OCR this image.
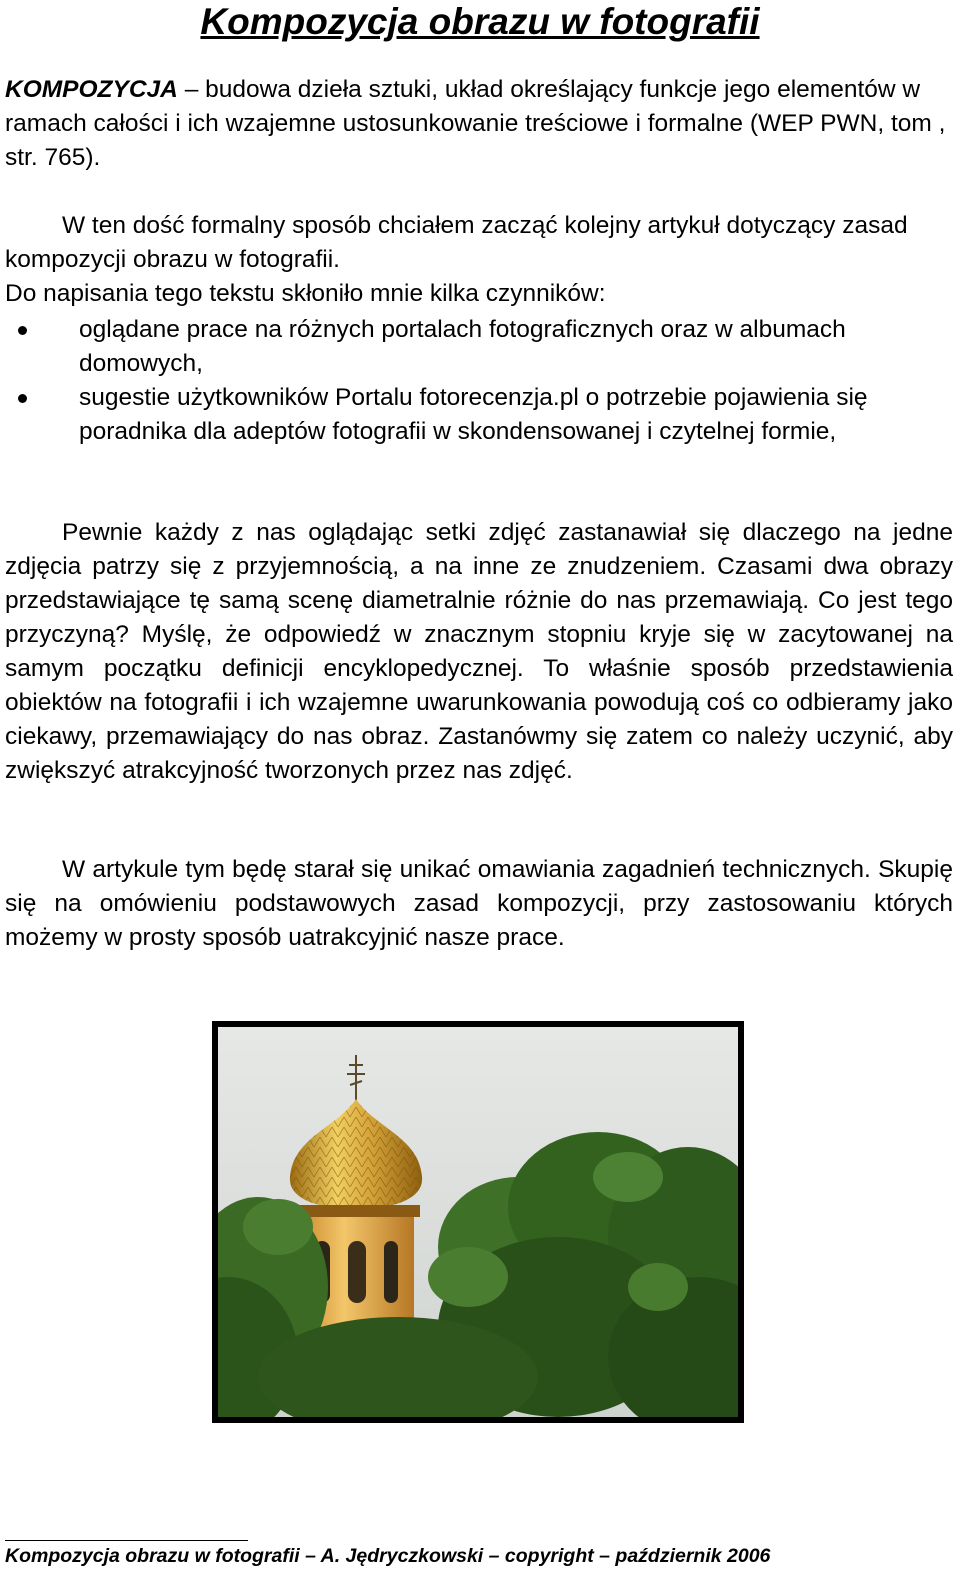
Kompozycja obrazu w fotografii

KOMPOZYCJA – budowa dzieła sztuki, układ określający funkcje jego elementów w ramach całości i ich wzajemne ustosunkowanie treściowe i formalne (WEP PWN, tom , str. 765).

W ten dość formalny sposób chciałem zacząć kolejny artykuł dotyczący zasad kompozycji obrazu w fotografii.

Do napisania tego tekstu skłoniło mnie kilka czynników:

oglądane prace na różnych portalach fotograficznych oraz w albumach domowych,
sugestie użytkowników Portalu fotorecenzja.pl o potrzebie pojawienia się poradnika dla adeptów fotografii w skondensowanej i czytelnej formie,

Pewnie każdy z nas oglądając setki zdjęć zastanawiał się dlaczego na jedne zdjęcia patrzy się z przyjemnością, a na inne ze znudzeniem. Czasami dwa obrazy przedstawiające tę samą scenę diametralnie różnie do nas przemawiają. Co jest tego przyczyną? Myślę, że odpowiedź w znacznym stopniu kryje się w zacytowanej na samym początku definicji encyklopedycznej. To właśnie sposób przedstawienia obiektów na fotografii i ich wzajemne uwarunkowania powodują coś co odbieramy jako ciekawy, przemawiający do nas obraz. Zastanówmy się zatem co należy uczynić, aby zwiększyć atrakcyjność tworzonych przez nas zdjęć.

W artykule tym będę starał się unikać omawiania zagadnień technicznych. Skupię się na omówieniu podstawowych zasad kompozycji, przy zastosowaniu których możemy w prosty sposób uatrakcyjnić nasze prace.

Kompozycja obrazu w fotografii – A. Jędryczkowski – copyright – październik 2006
